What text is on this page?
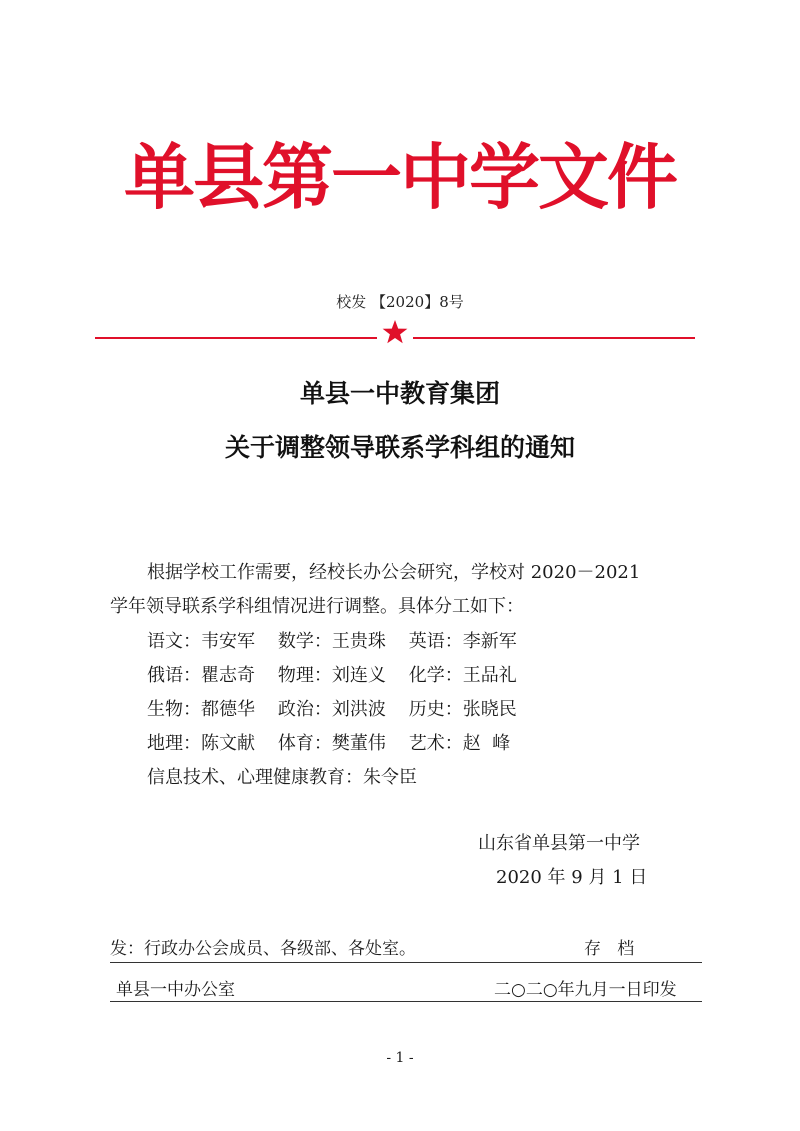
单县第一中学文件
校发 【2020】8号
单县一中教育集团
关于调整领导联系学科组的通知
根据学校工作需要，经校长办公会研究，学校对 2020－2021
学年领导联系学科组情况进行调整。具体分工如下：
语文：韦安军    数学：王贵珠    英语：李新军
俄语：瞿志奇    物理：刘连义    化学：王品礼
生物：都德华    政治：刘洪波    历史：张晓民
地理：陈文献    体育：樊董伟    艺术：赵  峰
信息技术、心理健康教育：朱令臣
山东省单县第一中学
2020 年 9 月 1 日
发：行政办公会成员、各级部、各处室。	存   档
单县一中办公室	二○二○年九月一日印发
- 1 -
